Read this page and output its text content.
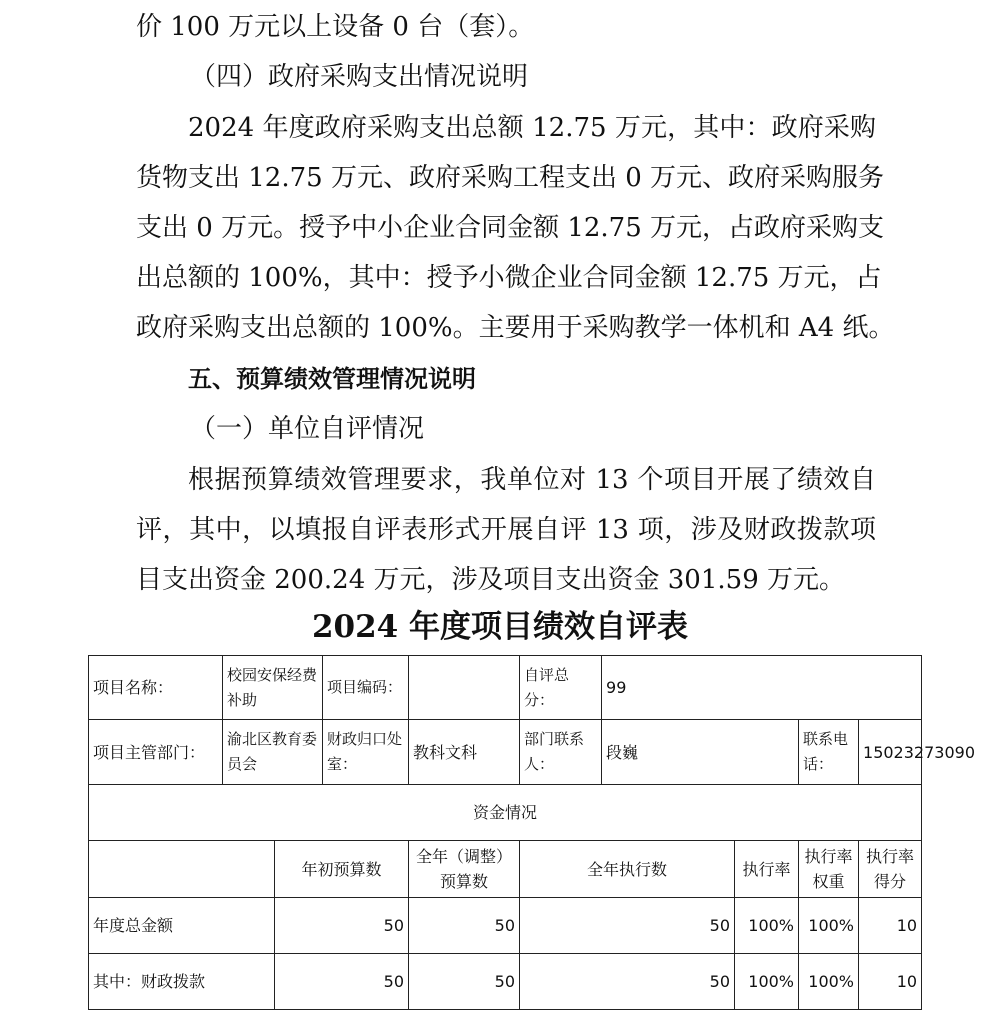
价 100 万元以上设备 0 台（套）。
（四）政府采购支出情况说明
2024 年度政府采购支出总额 12.75 万元，其中：政府采购
货物支出 12.75 万元、政府采购工程支出 0 万元、政府采购服务
支出 0 万元。授予中小企业合同金额 12.75 万元，占政府采购支
出总额的 100%，其中：授予小微企业合同金额 12.75 万元，占
政府采购支出总额的 100%。主要用于采购教学一体机和 A4 纸。
五、预算绩效管理情况说明
（一）单位自评情况
根据预算绩效管理要求，我单位对 13 个项目开展了绩效自
评，其中，以填报自评表形式开展自评 13 项，涉及财政拨款项
目支出资金 200.24 万元，涉及项目支出资金 301.59 万元。
2024 年度项目绩效自评表
项目名称：	校园安保经费补助		项目编码：		自评总分：	99			
项目主管部门：	渝北区教育委员会		财政归口处室：	教科文科	部门联系人：	段巍		联系电话：	15023273090
资金情况									
		年初预算数		全年（调整）预算数	全年执行数		执行率	执行率权重	执行率得分
年度总金额		50		50	50		100%	100%	10
其中：财政拨款		50		50	50		100%	100%	10
